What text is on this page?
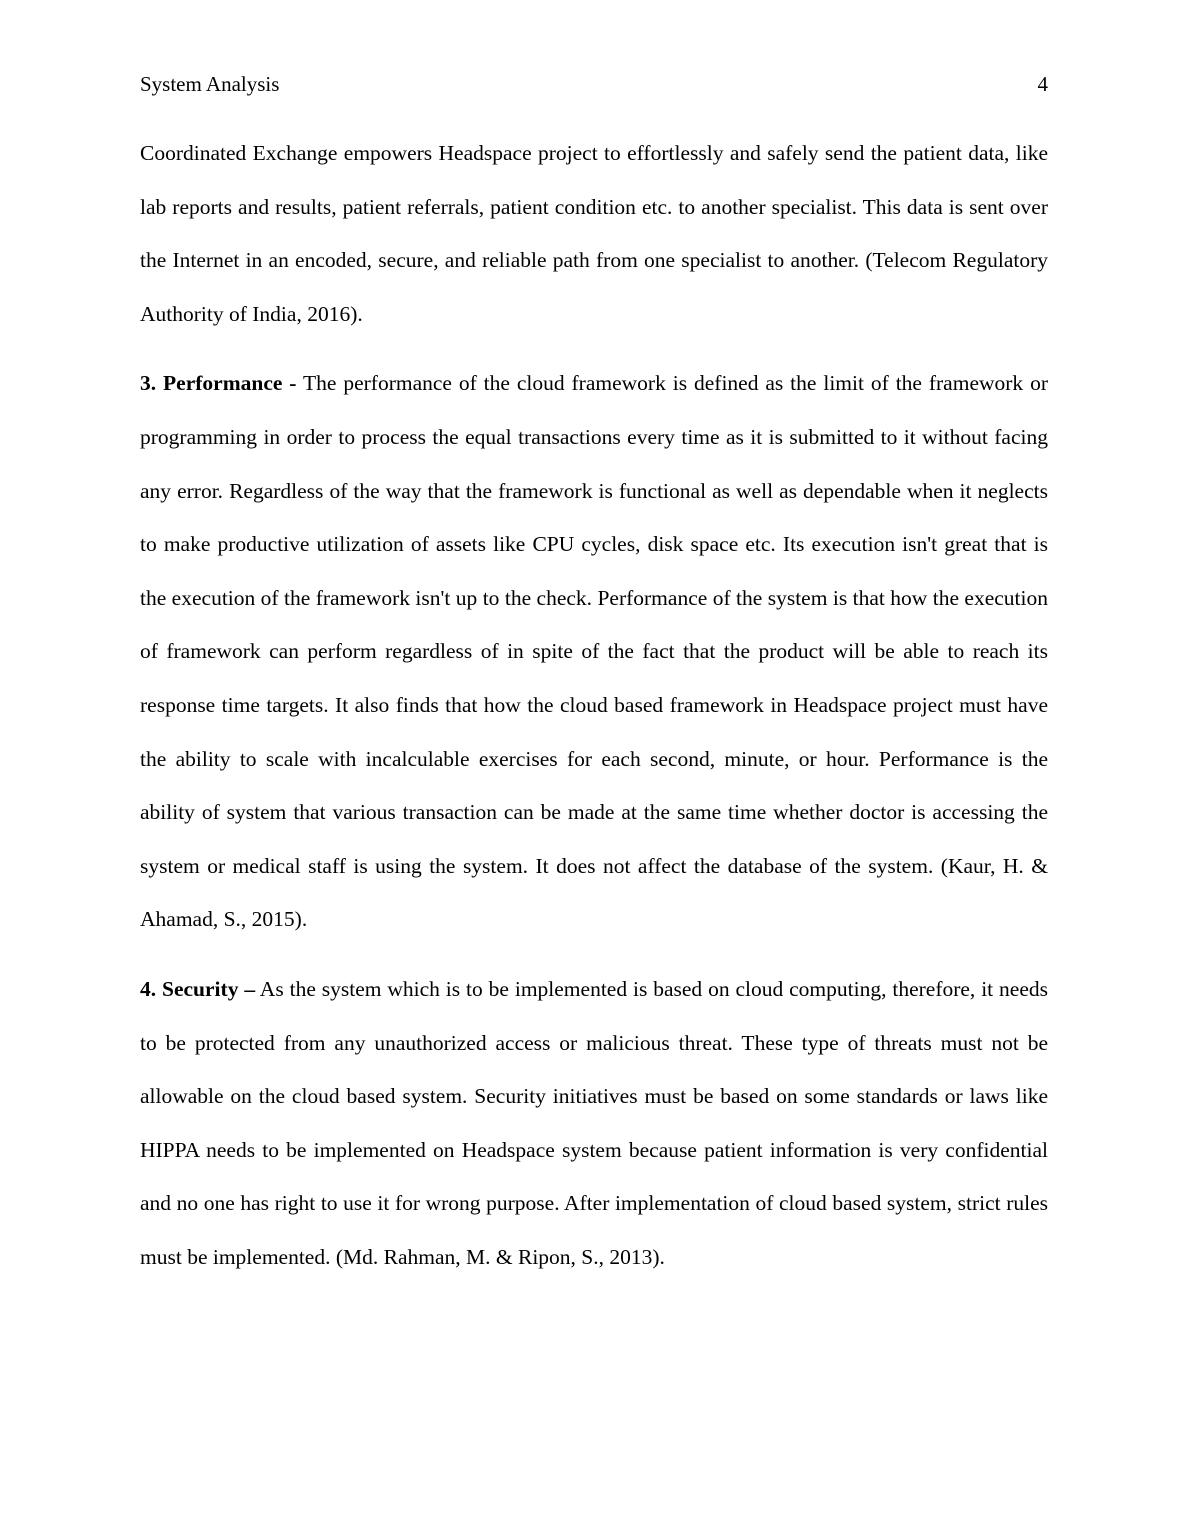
System Analysis	4

Coordinated Exchange empowers Headspace project to effortlessly and safely send the patient data, like lab reports and results, patient referrals, patient condition etc. to another specialist. This data is sent over the Internet in an encoded, secure, and reliable path from one specialist to another. (Telecom Regulatory Authority of India, 2016).

3. Performance - The performance of the cloud framework is defined as the limit of the framework or programming in order to process the equal transactions every time as it is submitted to it without facing any error. Regardless of the way that the framework is functional as well as dependable when it neglects to make productive utilization of assets like CPU cycles, disk space etc. Its execution isn't great that is the execution of the framework isn't up to the check. Performance of the system is that how the execution of framework can perform regardless of in spite of the fact that the product will be able to reach its response time targets. It also finds that how the cloud based framework in Headspace project must have the ability to scale with incalculable exercises for each second, minute, or hour. Performance is the ability of system that various transaction can be made at the same time whether doctor is accessing the system or medical staff is using the system. It does not affect the database of the system. (Kaur, H. & Ahamad, S., 2015).

4. Security – As the system which is to be implemented is based on cloud computing, therefore, it needs to be protected from any unauthorized access or malicious threat. These type of threats must not be allowable on the cloud based system. Security initiatives must be based on some standards or laws like HIPPA needs to be implemented on Headspace system because patient information is very confidential and no one has right to use it for wrong purpose. After implementation of cloud based system, strict rules must be implemented. (Md. Rahman, M. & Ripon, S., 2013).
